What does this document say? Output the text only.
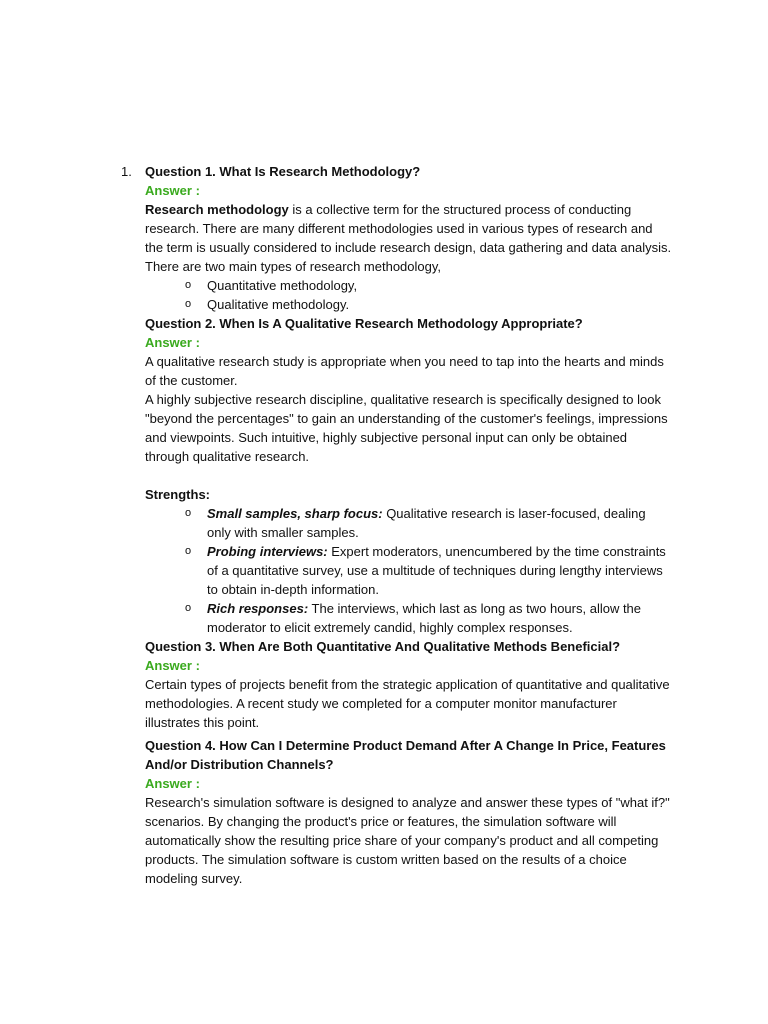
1. Question 1. What Is Research Methodology?

Answer :

Research methodology is a collective term for the structured process of conducting research. There are many different methodologies used in various types of research and the term is usually considered to include research design, data gathering and data analysis.

There are two main types of research methodology,

o Quantitative methodology,
o Qualitative methodology.

Question 2. When Is A Qualitative Research Methodology Appropriate?

Answer :

A qualitative research study is appropriate when you need to tap into the hearts and minds of the customer.

A highly subjective research discipline, qualitative research is specifically designed to look "beyond the percentages" to gain an understanding of the customer's feelings, impressions and viewpoints. Such intuitive, highly subjective personal input can only be obtained through qualitative research.

Strengths:

o Small samples, sharp focus: Qualitative research is laser-focused, dealing only with smaller samples.
o Probing interviews: Expert moderators, unencumbered by the time constraints of a quantitative survey, use a multitude of techniques during lengthy interviews to obtain in-depth information.
o Rich responses: The interviews, which last as long as two hours, allow the moderator to elicit extremely candid, highly complex responses.

Question 3. When Are Both Quantitative And Qualitative Methods Beneficial?

Answer :

Certain types of projects benefit from the strategic application of quantitative and qualitative methodologies. A recent study we completed for a computer monitor manufacturer illustrates this point.

Question 4. How Can I Determine Product Demand After A Change In Price, Features And/or Distribution Channels?

Answer :

Research's simulation software is designed to analyze and answer these types of "what if?" scenarios. By changing the product's price or features, the simulation software will automatically show the resulting price share of your company's product and all competing products. The simulation software is custom written based on the results of a choice modeling survey.
